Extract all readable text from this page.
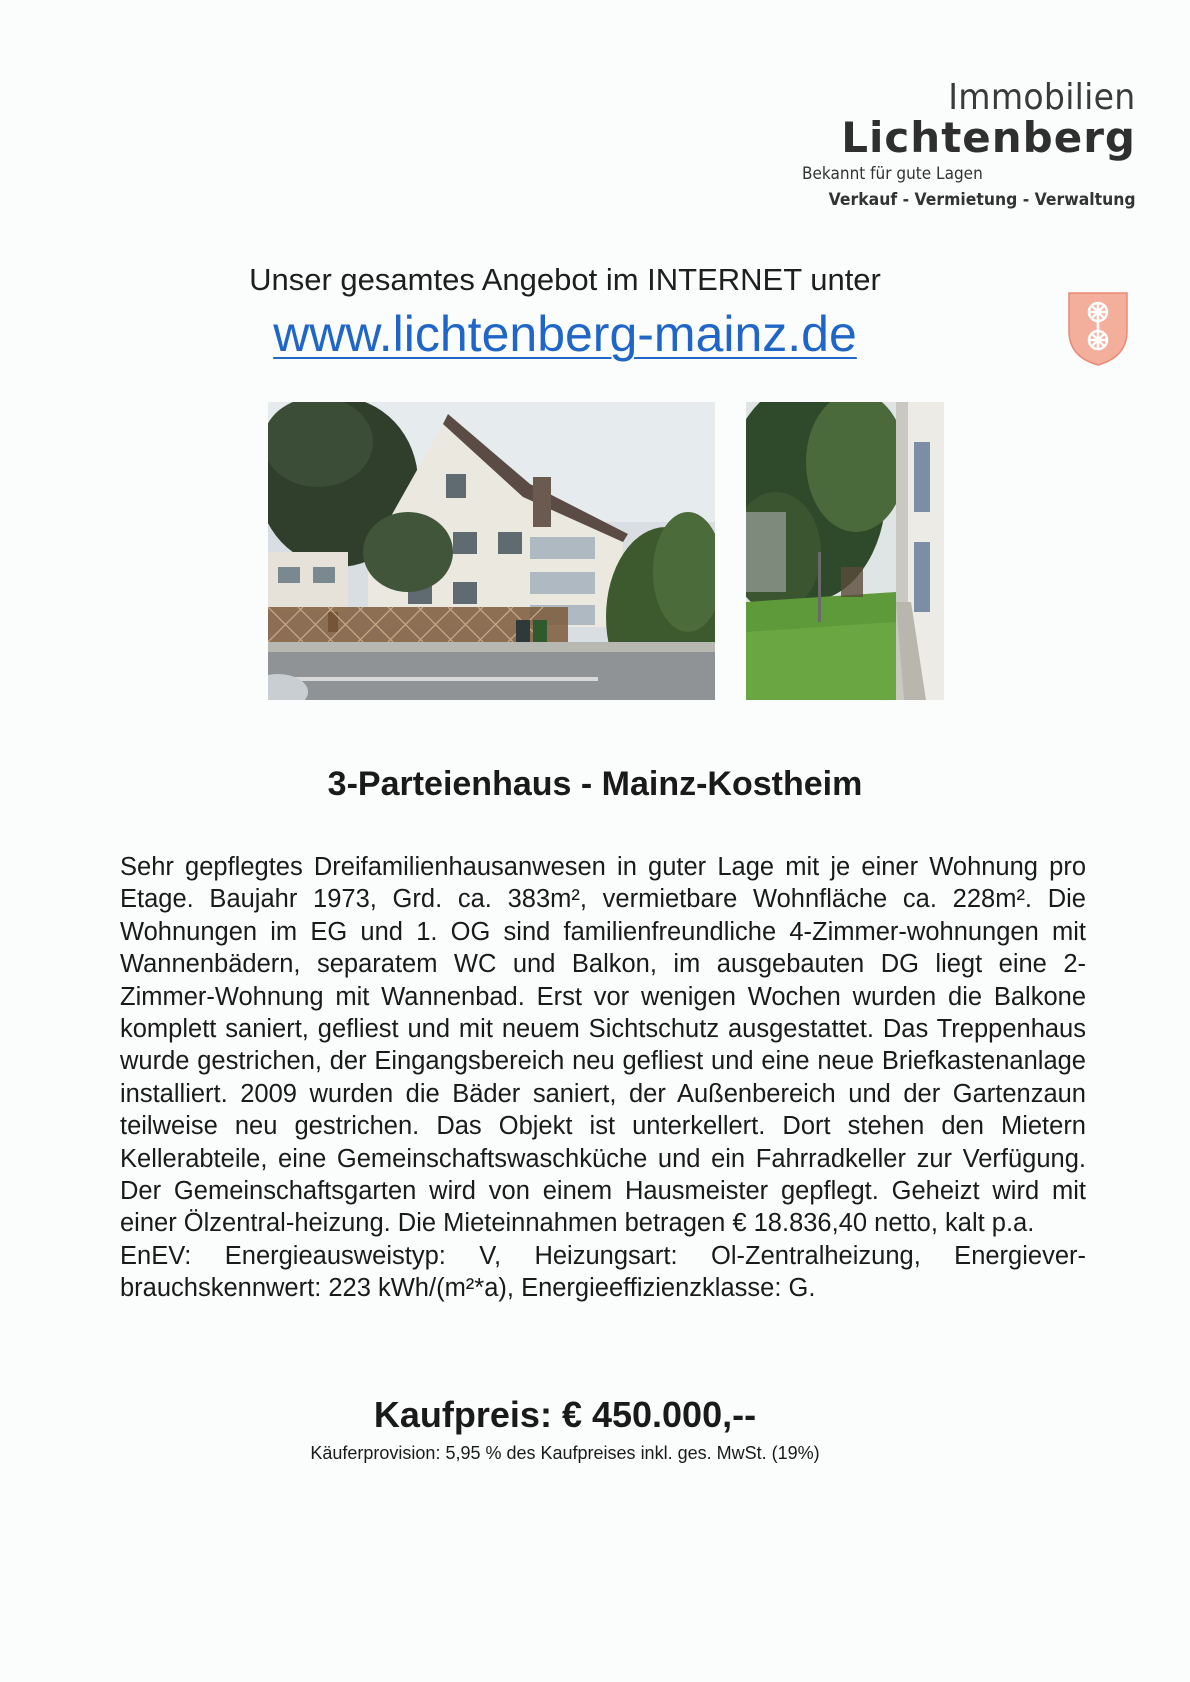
Immobilien
Lichtenberg
Bekannt für gute Lagen
Verkauf - Vermietung - Verwaltung
Unser gesamtes Angebot im INTERNET unter
www.lichtenberg-mainz.de
3-Parteienhaus - Mainz-Kostheim

Sehr gepflegtes Dreifamilienhausanwesen in guter Lage mit je einer Wohnung pro Etage. Baujahr 1973, Grd. ca. 383m², vermietbare Wohnfläche ca. 228m². Die Wohnungen im EG und 1. OG sind familienfreundliche 4-Zimmer-wohnungen mit Wannenbädern, separatem WC und Balkon, im ausgebauten DG liegt eine 2-Zimmer-Wohnung mit Wannenbad. Erst vor wenigen Wochen wurden die Balkone komplett saniert, gefliest und mit neuem Sichtschutz ausgestattet. Das Treppenhaus wurde gestrichen, der Eingangsbereich neu gefliest und eine neue Briefkastenanlage installiert. 2009 wurden die Bäder saniert, der Außenbereich und der Gartenzaun teilweise neu gestrichen. Das Objekt ist unterkellert. Dort stehen den Mietern Kellerabteile, eine Gemeinschaftswaschküche und ein Fahrradkeller zur Verfügung. Der Gemeinschaftsgarten wird von einem Hausmeister gepflegt. Geheizt wird mit einer Ölzentral-heizung. Die Mieteinnahmen betragen € 18.836,40 netto, kalt p.a.

EnEV: Energieausweistyp: V, Heizungsart: Ol-Zentralheizung, Energiever-brauchskennwert: 223 kWh/(m²*a), Energieeffizienzklasse: G.

Kaufpreis: € 450.000,--
Käuferprovision: 5,95 % des Kaufpreises inkl. ges. MwSt. (19%)
